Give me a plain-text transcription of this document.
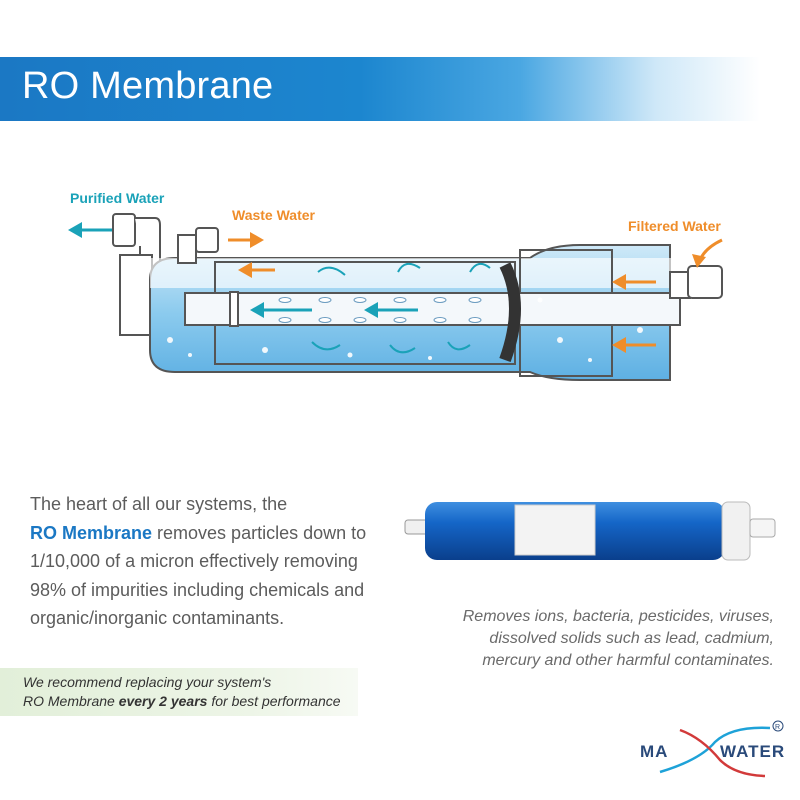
RO Membrane
Purified Water
Waste Water
Filtered Water
The heart of all our systems, the
RO Membrane removes particles down to
1/10,000 of a micron effectively removing
98% of impurities including chemicals and
organic/inorganic contaminants.	Removes ions, bacteria, pesticides, viruses,
dissolved solids such as lead, cadmium,
mercury and other harmful contaminates.

We recommend replacing your system's
RO Membrane every 2 years for best performance

MA	WATER
R
